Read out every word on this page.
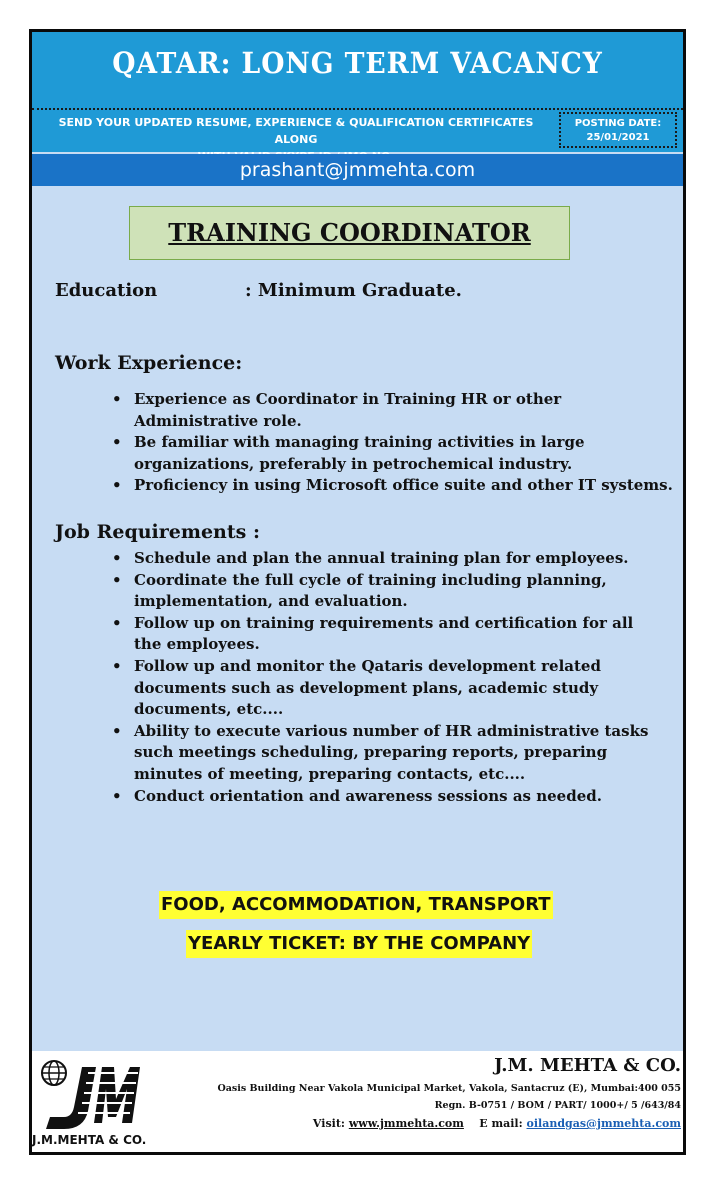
QATAR: LONG TERM VACANCY
SEND YOUR UPDATED RESUME, EXPERIENCE & QUALIFICATION CERTIFICATES ALONG
POSTING DATE:
25/01/2021
prashant@jmmehta.com
TRAINING COORDINATOR
Education	: Minimum Graduate.
Work Experience:
• Experience as Coordinator in Training HR or other Administrative role.
• Be familiar with managing training activities in large organizations, preferably in petrochemical industry.
• Proficiency in using Microsoft office suite and other IT systems.
Job Requirements :
• Schedule and plan the annual training plan for employees.
• Coordinate the full cycle of training including planning, implementation, and evaluation.
• Follow up on training requirements and certification for all the employees.
• Follow up and monitor the Qataris development related documents such as development plans, academic study documents, etc....
• Ability to execute various number of HR administrative tasks such meetings scheduling, preparing reports, preparing minutes of meeting, preparing contacts, etc....
• Conduct orientation and awareness sessions as needed.
FOOD, ACCOMMODATION, TRANSPORT
YEARLY TICKET: BY THE COMPANY
J.M.MEHTA & CO.
J.M. MEHTA & CO.
Oasis Building Near Vakola Municipal Market, Vakola, Santacruz (E), Mumbai:400 055
Regn. B-0751 / BOM / PART/ 1000+/ 5 /643/84
Visit: www.jmmehta.com E mail: oilandgas@jmmehta.com
